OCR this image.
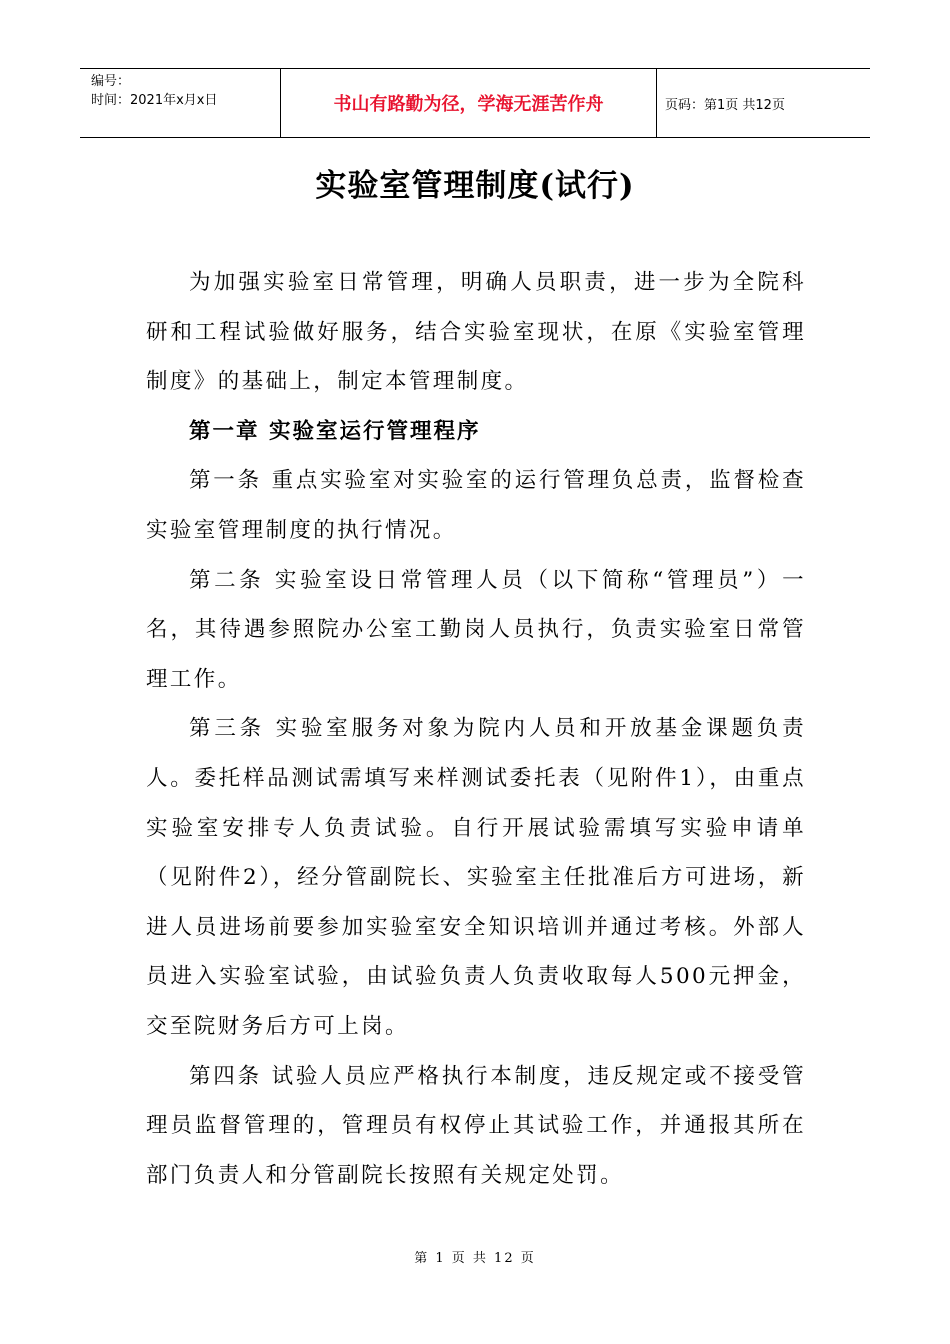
编号：
时间：2021年x月x日	书山有路勤为径，学海无涯苦作舟	页码：第1页 共12页
实验室管理制度(试行)

为加强实验室日常管理，明确人员职责，进一步为全院科研和工程试验做好服务，结合实验室现状，在原《实验室管理制度》的基础上，制定本管理制度。

第一章 实验室运行管理程序

第一条 重点实验室对实验室的运行管理负总责，监督检查实验室管理制度的执行情况。

第二条 实验室设日常管理人员（以下简称“管理员”）一名，其待遇参照院办公室工勤岗人员执行，负责实验室日常管理工作。

第三条 实验室服务对象为院内人员和开放基金课题负责人。委托样品测试需填写来样测试委托表（见附件1），由重点实验室安排专人负责试验。自行开展试验需填写实验申请单（见附件2），经分管副院长、实验室主任批准后方可进场，新进人员进场前要参加实验室安全知识培训并通过考核。外部人员进入实验室试验，由试验负责人负责收取每人500元押金，交至院财务后方可上岗。

第四条 试验人员应严格执行本制度，违反规定或不接受管理员监督管理的，管理员有权停止其试验工作，并通报其所在部门负责人和分管副院长按照有关规定处罚。

第 1 页 共 12 页
